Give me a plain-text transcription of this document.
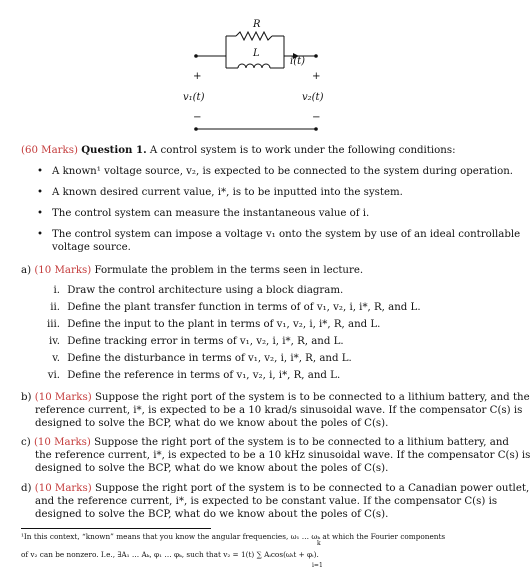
R
L
i(t)
+	+
v₁(t)	v₂(t)
−	−
(60 Marks) Question 1. A control system is to work under the following conditions:
• A known¹ voltage source, v₂, is expected to be connected to the system during operation.
• A known desired current value, i*, is to be inputted into the system.
• The control system can measure the instantaneous value of i.
• The control system can impose a voltage v₁ onto the system by use of an ideal controllable
voltage source.
a) (10 Marks) Formulate the problem in the terms seen in lecture.
i. Draw the control architecture using a block diagram.
ii. Define the plant transfer function in terms of of v₁, v₂, i, i*, R, and L.
iii. Define the input to the plant in terms of v₁, v₂, i, i*, R, and L.
iv. Define tracking error in terms of v₁, v₂, i, i*, R, and L.
v. Define the disturbance in terms of v₁, v₂, i, i*, R, and L.
vi. Define the reference in terms of v₁, v₂, i, i*, R, and L.
b) (10 Marks) Suppose the right port of the system is to be connected to a lithium battery, and the
reference current, i*, is expected to be a 10 krad/s sinusoidal wave. If the compensator C(s) is
designed to solve the BCP, what do we know about the poles of C(s).
c) (10 Marks) Suppose the right port of the system is to be connected to a lithium battery, and
the reference current, i*, is expected to be a 10 kHz sinusoidal wave. If the compensator C(s) is
designed to solve the BCP, what do we know about the poles of C(s).
d) (10 Marks) Suppose the right port of the system is to be connected to a Canadian power outlet,
and the reference current, i*, is expected to be constant value. If the compensator C(s) is
designed to solve the BCP, what do we know about the poles of C(s).
¹In this context, “known” means that you know the angular frequencies, ω₁ … ωₖ at which the Fourier components
of v₂ can be nonzero. I.e., ∃A₁ … Aₖ, φ₁ … φₖ, such that v₂ = 1(t) ∑ Aᵢcos(ωᵢt + φᵢ).
k
i=1
